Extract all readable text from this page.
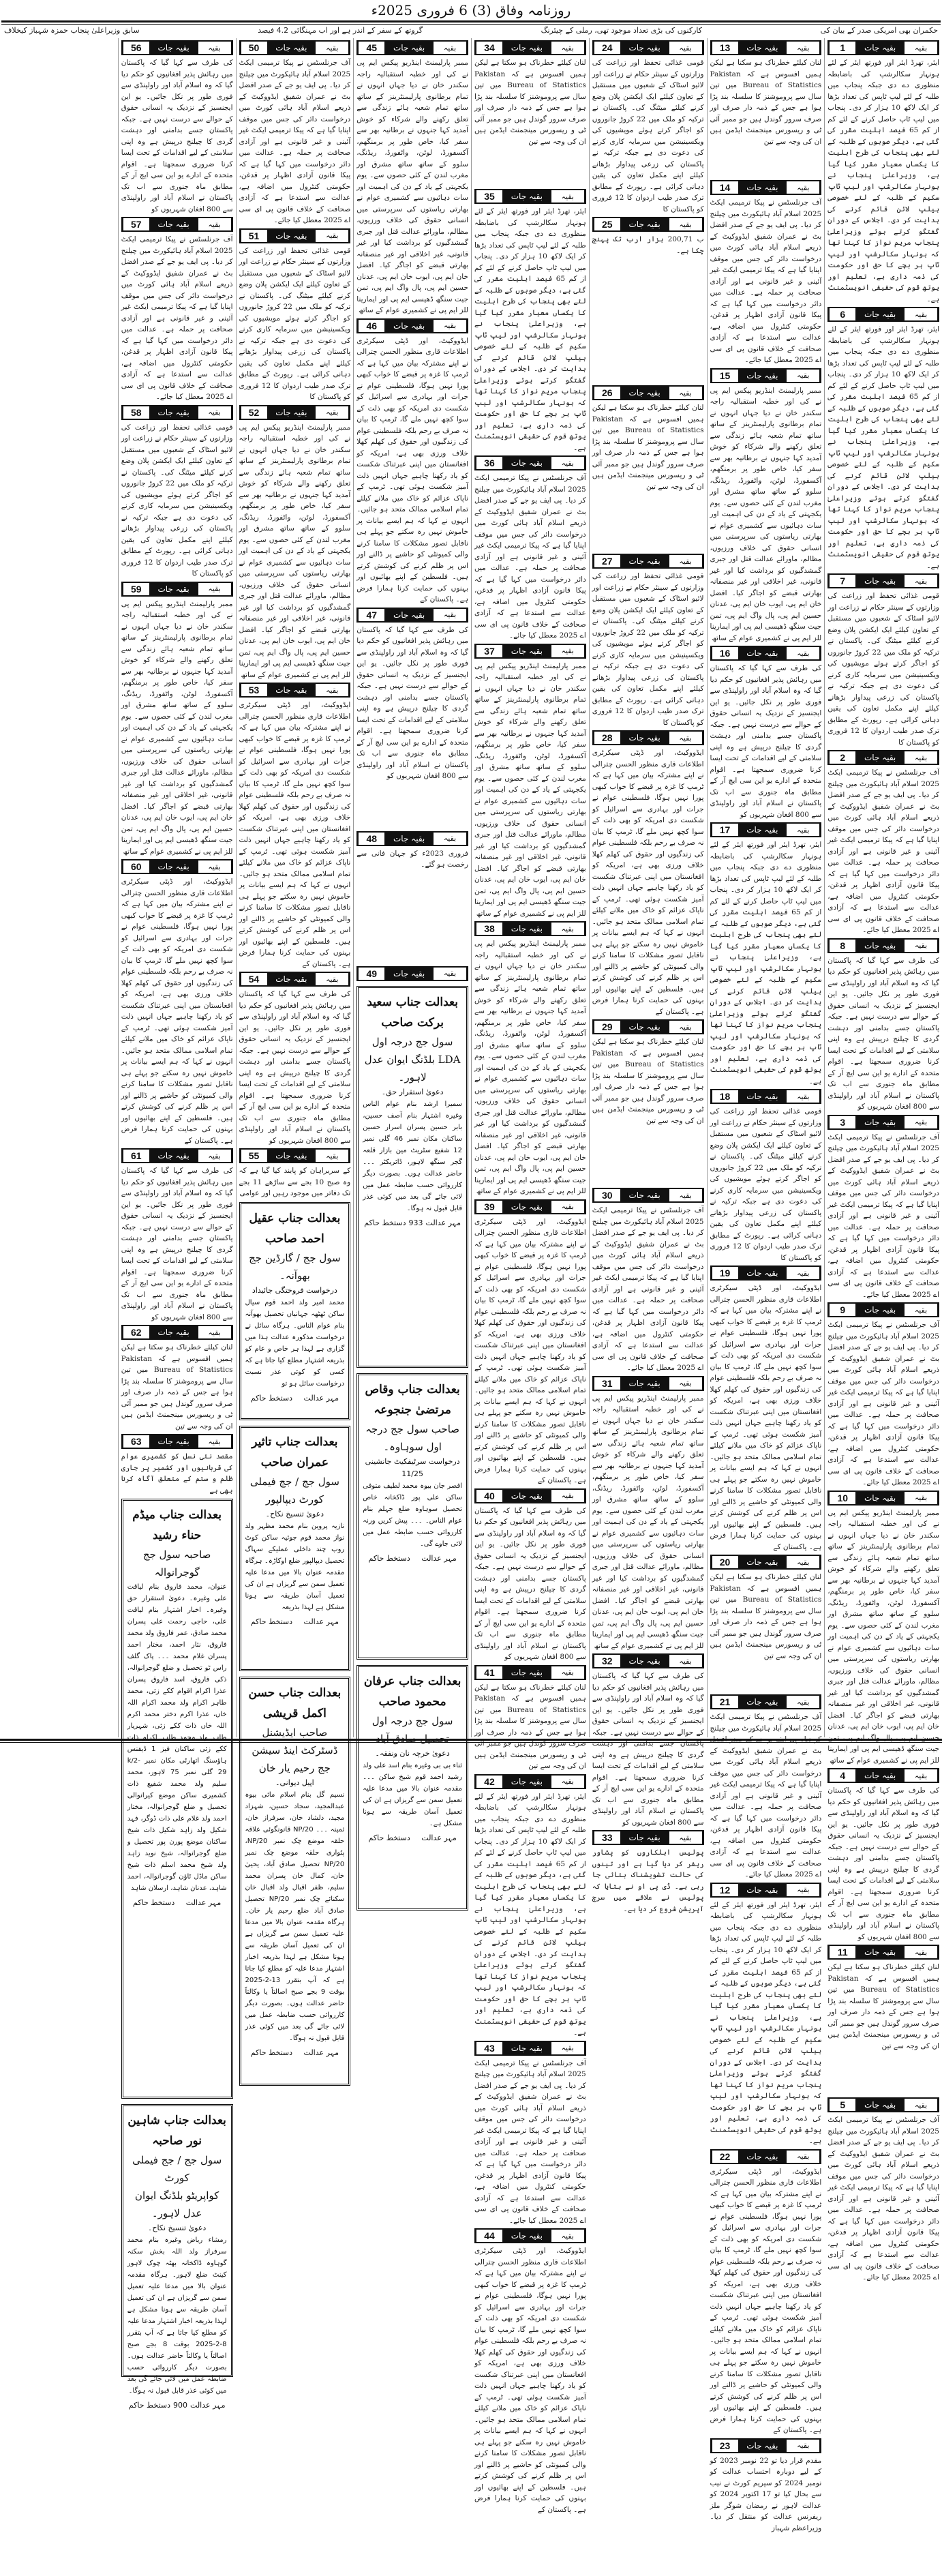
روزنامہ وفاق (3) 6 فروری 2025ء
سابق وزیراعلیٰ پنجاب حمزہ شہباز کیخلاف	گروتھ کے سفر کے اندر ہے اور اب مہنگائی 4.2 فیصد	کارکنوں کی بڑی تعداد موجود تھی، رملی کے چیئرنگ	حکمران بھی امریکی صدر کے بیان کی
1	بقیہ جات	بقیہ
ایئر، تھرڈ ایئر اور فورتھ ایئر کے لئے ہونہار سکالرشپ کی باضابطہ منظوری دے دی جبکہ پنجاب میں طلبہ کے لئے لیپ ٹاپس کی تعداد بڑھا کر ایک لاکھ 10 ہزار کر دی۔ پنجاب میں لیپ ٹاپ حاصل کرنے کے لئے کم از کم 65 فیصد اہلیت مقرر کی گئی ہے، دیگر صوبوں کے طلبہ کے لئے بھی پنجاب کی طرح اہلیت کا یکساں معیار مقرر کیا گیا ہے، وزیراعلیٰ پنجاب نے ہونہار سکالرشپ اور لیپ ٹاپ سکیم کے طلبہ کے لئے خصوصی ہیلپ لائن قائم کرنے کی ہدایت کر دی۔ اجلاس کے دوران گفتگو کرتے ہوئے وزیراعلیٰ پنجاب مریم نواز کا کہنا تھا کہ ہونہار سکالرشپ اور لیپ ٹاپ ہر بچے کا حق اور حکومت کی ذمہ داری ہے، تعلیم اور یوتھ قوم کی حقیقی انویسٹمنٹ ہے۔
6	بقیہ جات	بقیہ
ایئر، تھرڈ ایئر اور فورتھ ایئر کے لئے ہونہار سکالرشپ کی باضابطہ منظوری دے دی جبکہ پنجاب میں طلبہ کے لئے لیپ ٹاپس کی تعداد بڑھا کر ایک لاکھ 10 ہزار کر دی۔ پنجاب میں لیپ ٹاپ حاصل کرنے کے لئے کم از کم 65 فیصد اہلیت مقرر کی گئی ہے، دیگر صوبوں کے طلبہ کے لئے بھی پنجاب کی طرح اہلیت کا یکساں معیار مقرر کیا گیا ہے، وزیراعلیٰ پنجاب نے ہونہار سکالرشپ اور لیپ ٹاپ سکیم کے طلبہ کے لئے خصوصی ہیلپ لائن قائم کرنے کی ہدایت کر دی۔ اجلاس کے دوران گفتگو کرتے ہوئے وزیراعلیٰ پنجاب مریم نواز کا کہنا تھا کہ ہونہار سکالرشپ اور لیپ ٹاپ ہر بچے کا حق اور حکومت کی ذمہ داری ہے، تعلیم اور یوتھ قوم کی حقیقی انویسٹمنٹ ہے۔
7	بقیہ جات	بقیہ
قومی غذائی تحفظ اور زراعت کی وزارتوں کے سینئر حکام نے زراعت اور لائیو اسٹاک کے شعبوں میں مستقبل کے تعاون کیلئے ایک ایکشن پلان وضع کرنے کیلئے میٹنگ کی۔ پاکستان نے ترکیہ کو ملک میں 22 کروڑ جانوروں کو اجاگر کرتے ہوئے مویشیوں کی ویکسینیشن میں سرمایہ کاری کرنے کی دعوت دی ہے جبکہ ترکیہ نے پاکستان کی زرعی پیداوار بڑھانے کیلئے اپنے مکمل تعاون کی یقین دہانی کرائی ہے۔ رپورٹ کے مطابق ترک صدر طیب اردوان کا 12 فروری کو پاکستان کا
2	بقیہ جات	بقیہ
آف جرنلسٹس نے پیکا ترمیمی ایکٹ 2025 اسلام آباد ہائیکورٹ میں چیلنج کر دیا۔ پی ایف یو جے کے صدر افضل بٹ نے عمران شفیق ایڈووکیٹ کے ذریعے اسلام آباد ہائی کورٹ میں درخواست دائر کی جس میں موقف اپنایا گیا ہے کہ پیکا ترمیمی ایکٹ غیر آئینی و غیر قانونی ہے اور آزادی صحافت پر حملہ ہے۔ عدالت میں دائر درخواست میں کہا گیا ہے کہ پیکا قانون آزادی اظہار پر قدغن، حکومتی کنٹرول میں اضافہ ہے، عدالت سے استدعا ہے کہ آزادی صحافت کے خلاف قانون پی ای سی اے 2025 معطل کیا جائے۔
8	بقیہ جات	بقیہ
کی طرف سے کہا گیا کہ پاکستان میں رہائش پذیر افغانیوں کو حکم دیا گیا کہ وہ اسلام آباد اور راولپنڈی سے فوری طور پر نکل جائیں۔ یو این ایجنسیز کے نزدیک یہ انسانی حقوق کے حوالے سے درست نہیں ہے۔ جبکہ پاکستان جسے بدامنی اور دہشت گردی کا چیلنج درپیش ہے وہ اپنی سلامتی کے لیے اقدامات کے تحت ایسا کرنا ضروری سمجھتا ہے۔ اقوام متحدہ کے ادارے یو این سی ایچ آر کے مطابق ماہ جنوری سے اب تک پاکستان نے اسلام آباد اور راولپنڈی سے 800 افغان شہریوں کو
3	بقیہ جات	بقیہ
آف جرنلسٹس نے پیکا ترمیمی ایکٹ 2025 اسلام آباد ہائیکورٹ میں چیلنج کر دیا۔ پی ایف یو جے کے صدر افضل بٹ نے عمران شفیق ایڈووکیٹ کے ذریعے اسلام آباد ہائی کورٹ میں درخواست دائر کی جس میں موقف اپنایا گیا ہے کہ پیکا ترمیمی ایکٹ غیر آئینی و غیر قانونی ہے اور آزادی صحافت پر حملہ ہے۔ عدالت میں دائر درخواست میں کہا گیا ہے کہ پیکا قانون آزادی اظہار پر قدغن، حکومتی کنٹرول میں اضافہ ہے، عدالت سے استدعا ہے کہ آزادی صحافت کے خلاف قانون پی ای سی اے 2025 معطل کیا جائے۔
9	بقیہ جات	بقیہ
آف جرنلسٹس نے پیکا ترمیمی ایکٹ 2025 اسلام آباد ہائیکورٹ میں چیلنج کر دیا۔ پی ایف یو جے کے صدر افضل بٹ نے عمران شفیق ایڈووکیٹ کے ذریعے اسلام آباد ہائی کورٹ میں درخواست دائر کی جس میں موقف اپنایا گیا ہے کہ پیکا ترمیمی ایکٹ غیر آئینی و غیر قانونی ہے اور آزادی صحافت پر حملہ ہے۔ عدالت میں دائر درخواست میں کہا گیا ہے کہ پیکا قانون آزادی اظہار پر قدغن، حکومتی کنٹرول میں اضافہ ہے، عدالت سے استدعا ہے کہ آزادی صحافت کے خلاف قانون پی ای سی اے 2025 معطل کیا جائے۔
10	بقیہ جات	بقیہ
ممبر پارلیمنٹ اینڈریو پیکس ایم پی نے کی اور خطبہ استقبالیہ راجہ سکندر خان نے دیا جہاں انہوں نے تمام برطانوی پارلیمنٹرینز کے ساتھ ساتھ تمام شعبہ ہائے زندگی سے تعلق رکھنے والے شرکاء کو خوش آمدید کہا جنہوں نے برطانیہ بھر سے سفر کیا، خاص طور پر برمنگھم، آکسفورڈ، لوٹن، واٹفورڈ، ریڈنگ، سلوو کے ساتھ ساتھ مشرق اور مغرب لندن کے کئی حصوں سے۔ یوم یکجہتی کے یاد کے دن کی اہمیت اور سات دہائیوں سے کشمیری عوام نے بھارتی ریاستوں کی سرپرستی میں انسانی حقوق کی خلاف ورزیوں، مظالم، ماورائے عدالت قتل اور جبری گمشدگیوں کو برداشت کیا اور غیر قانونی، غیر اخلاقی اور غیر منصفانہ بھارتی قبضے کو اجاگر کیا۔ افضل خان ایم پی، ایوب خان ایم پی، عدنان حسین ایم پی، پال واگ ایم پی، تمن جیت سنگھ ڈھیسی ایم پی اور ایمارینا للز ایم پی نے کشمیری عوام کے ساتھ
4	بقیہ جات	بقیہ
کی طرف سے کہا گیا کہ پاکستان میں رہائش پذیر افغانیوں کو حکم دیا گیا کہ وہ اسلام آباد اور راولپنڈی سے فوری طور پر نکل جائیں۔ یو این ایجنسیز کے نزدیک یہ انسانی حقوق کے حوالے سے درست نہیں ہے۔ جبکہ پاکستان جسے بدامنی اور دہشت گردی کا چیلنج درپیش ہے وہ اپنی سلامتی کے لیے اقدامات کے تحت ایسا کرنا ضروری سمجھتا ہے۔ اقوام متحدہ کے ادارے یو این سی ایچ آر کے مطابق ماہ جنوری سے اب تک پاکستان نے اسلام آباد اور راولپنڈی سے 800 افغان شہریوں کو
11	بقیہ جات	بقیہ
لنان کیلئے خطرناک ہو سکتا ہے لیکن ہمیں افسوس ہے کہ Pakistan Bureau of Statistics میں تین سال سے پروموشنز کا سلسلہ بند پڑا ہوا ہے جس کے ذمہ دار صرف اور صرف سرور گوندل ہیں جو ممبر آئی ٹی و ریسورس مینجمنٹ ایڈمن ہیں ان کی وجہ سے تین
5	بقیہ جات	بقیہ
آف جرنلسٹس نے پیکا ترمیمی ایکٹ 2025 اسلام آباد ہائیکورٹ میں چیلنج کر دیا۔ پی ایف یو جے کے صدر افضل بٹ نے عمران شفیق ایڈووکیٹ کے ذریعے اسلام آباد ہائی کورٹ میں درخواست دائر کی جس میں موقف اپنایا گیا ہے کہ پیکا ترمیمی ایکٹ غیر آئینی و غیر قانونی ہے اور آزادی صحافت پر حملہ ہے۔ عدالت میں دائر درخواست میں کہا گیا ہے کہ پیکا قانون آزادی اظہار پر قدغن، حکومتی کنٹرول میں اضافہ ہے، عدالت سے استدعا ہے کہ آزادی صحافت کے خلاف قانون پی ای سی اے 2025 معطل کیا جائے۔
13	بقیہ جات	بقیہ
لنان کیلئے خطرناک ہو سکتا ہے لیکن ہمیں افسوس ہے کہ Pakistan Bureau of Statistics میں تین سال سے پروموشنز کا سلسلہ بند پڑا ہوا ہے جس کے ذمہ دار صرف اور صرف سرور گوندل ہیں جو ممبر آئی ٹی و ریسورس مینجمنٹ ایڈمن ہیں ان کی وجہ سے تین
14	بقیہ جات	بقیہ
آف جرنلسٹس نے پیکا ترمیمی ایکٹ 2025 اسلام آباد ہائیکورٹ میں چیلنج کر دیا۔ پی ایف یو جے کے صدر افضل بٹ نے عمران شفیق ایڈووکیٹ کے ذریعے اسلام آباد ہائی کورٹ میں درخواست دائر کی جس میں موقف اپنایا گیا ہے کہ پیکا ترمیمی ایکٹ غیر آئینی و غیر قانونی ہے اور آزادی صحافت پر حملہ ہے۔ عدالت میں دائر درخواست میں کہا گیا ہے کہ پیکا قانون آزادی اظہار پر قدغن، حکومتی کنٹرول میں اضافہ ہے، عدالت سے استدعا ہے کہ آزادی صحافت کے خلاف قانون پی ای سی اے 2025 معطل کیا جائے۔
15	بقیہ جات	بقیہ
ممبر پارلیمنٹ اینڈریو پیکس ایم پی نے کی اور خطبہ استقبالیہ راجہ سکندر خان نے دیا جہاں انہوں نے تمام برطانوی پارلیمنٹرینز کے ساتھ ساتھ تمام شعبہ ہائے زندگی سے تعلق رکھنے والے شرکاء کو خوش آمدید کہا جنہوں نے برطانیہ بھر سے سفر کیا، خاص طور پر برمنگھم، آکسفورڈ، لوٹن، واٹفورڈ، ریڈنگ، سلوو کے ساتھ ساتھ مشرق اور مغرب لندن کے کئی حصوں سے۔ یوم یکجہتی کے یاد کے دن کی اہمیت اور سات دہائیوں سے کشمیری عوام نے بھارتی ریاستوں کی سرپرستی میں انسانی حقوق کی خلاف ورزیوں، مظالم، ماورائے عدالت قتل اور جبری گمشدگیوں کو برداشت کیا اور غیر قانونی، غیر اخلاقی اور غیر منصفانہ بھارتی قبضے کو اجاگر کیا۔ افضل خان ایم پی، ایوب خان ایم پی، عدنان حسین ایم پی، پال واگ ایم پی، تمن جیت سنگھ ڈھیسی ایم پی اور ایمارینا للز ایم پی نے کشمیری عوام کے ساتھ
16	بقیہ جات	بقیہ
کی طرف سے کہا گیا کہ پاکستان میں رہائش پذیر افغانیوں کو حکم دیا گیا کہ وہ اسلام آباد اور راولپنڈی سے فوری طور پر نکل جائیں۔ یو این ایجنسیز کے نزدیک یہ انسانی حقوق کے حوالے سے درست نہیں ہے۔ جبکہ پاکستان جسے بدامنی اور دہشت گردی کا چیلنج درپیش ہے وہ اپنی سلامتی کے لیے اقدامات کے تحت ایسا کرنا ضروری سمجھتا ہے۔ اقوام متحدہ کے ادارے یو این سی ایچ آر کے مطابق ماہ جنوری سے اب تک پاکستان نے اسلام آباد اور راولپنڈی سے 800 افغان شہریوں کو
17	بقیہ جات	بقیہ
ایئر، تھرڈ ایئر اور فورتھ ایئر کے لئے ہونہار سکالرشپ کی باضابطہ منظوری دے دی جبکہ پنجاب میں طلبہ کے لئے لیپ ٹاپس کی تعداد بڑھا کر ایک لاکھ 10 ہزار کر دی۔ پنجاب میں لیپ ٹاپ حاصل کرنے کے لئے کم از کم 65 فیصد اہلیت مقرر کی گئی ہے، دیگر صوبوں کے طلبہ کے لئے بھی پنجاب کی طرح اہلیت کا یکساں معیار مقرر کیا گیا ہے، وزیراعلیٰ پنجاب نے ہونہار سکالرشپ اور لیپ ٹاپ سکیم کے طلبہ کے لئے خصوصی ہیلپ لائن قائم کرنے کی ہدایت کر دی۔ اجلاس کے دوران گفتگو کرتے ہوئے وزیراعلیٰ پنجاب مریم نواز کا کہنا تھا کہ ہونہار سکالرشپ اور لیپ ٹاپ ہر بچے کا حق اور حکومت کی ذمہ داری ہے، تعلیم اور یوتھ قوم کی حقیقی انویسٹمنٹ ہے۔
18	بقیہ جات	بقیہ
قومی غذائی تحفظ اور زراعت کی وزارتوں کے سینئر حکام نے زراعت اور لائیو اسٹاک کے شعبوں میں مستقبل کے تعاون کیلئے ایک ایکشن پلان وضع کرنے کیلئے میٹنگ کی۔ پاکستان نے ترکیہ کو ملک میں 22 کروڑ جانوروں کو اجاگر کرتے ہوئے مویشیوں کی ویکسینیشن میں سرمایہ کاری کرنے کی دعوت دی ہے جبکہ ترکیہ نے پاکستان کی زرعی پیداوار بڑھانے کیلئے اپنے مکمل تعاون کی یقین دہانی کرائی ہے۔ رپورٹ کے مطابق ترک صدر طیب اردوان کا 12 فروری کو پاکستان کا
19	بقیہ جات	بقیہ
ایڈووکیٹ، اور ڈپٹی سیکرٹری اطلاعات قاری منظور الحسن چترالی نے اپنے مشترکہ بیان میں کہا ہے کہ ٹرمپ کا غزہ پر قبضے کا خواب کبھی پورا نہیں ہوگا، فلسطینی عوام نے جرات اور بہادری سے اسرائیل کو شکست دی امریکہ کو بھی ذلت کے سوا کچھ نہیں ملے گا، ٹرمپ کا بیان نہ صرف بے رحم بلکہ فلسطینی عوام کی زندگیوں اور حقوق کی کھلم کھلا خلاف ورزی بھی ہے، امریکہ کو افغانستان میں اپنی عبرتناک شکست کو یاد رکھنا چاہیے جہاں انہیں ذلت آمیز شکست ہوئی تھی۔ ٹرمپ کے ناپاک عزائم کو خاک میں ملانے کیلئے تمام اسلامی ممالک متحد ہو جائیں۔ انہوں نے کہا کہ ہم ایسے بیانات پر خاموش نہیں رہ سکتے جو پہلے ہی ناقابل تصور مشکلات کا سامنا کرنے والی کمیونٹی کو حاشیے پر ڈالنے اور اس پر ظلم کرنے کی کوشش کرتے ہیں۔ فلسطین کے اپنے بھائیوں اور بہنوں کی حمایت کرنا ہمارا فرض ہے۔ پاکستان کے
20	بقیہ جات	بقیہ
لنان کیلئے خطرناک ہو سکتا ہے لیکن ہمیں افسوس ہے کہ Pakistan Bureau of Statistics میں تین سال سے پروموشنز کا سلسلہ بند پڑا ہوا ہے جس کے ذمہ دار صرف اور صرف سرور گوندل ہیں جو ممبر آئی ٹی و ریسورس مینجمنٹ ایڈمن ہیں ان کی وجہ سے تین
21	بقیہ جات	بقیہ
آف جرنلسٹس نے پیکا ترمیمی ایکٹ 2025 اسلام آباد ہائیکورٹ میں چیلنج کر دیا۔ پی ایف یو جے کے صدر افضل بٹ نے عمران شفیق ایڈووکیٹ کے ذریعے اسلام آباد ہائی کورٹ میں درخواست دائر کی جس میں موقف اپنایا گیا ہے کہ پیکا ترمیمی ایکٹ غیر آئینی و غیر قانونی ہے اور آزادی صحافت پر حملہ ہے۔ عدالت میں دائر درخواست میں کہا گیا ہے کہ پیکا قانون آزادی اظہار پر قدغن، حکومتی کنٹرول میں اضافہ ہے، عدالت سے استدعا ہے کہ آزادی صحافت کے خلاف قانون پی ای سی اے 2025 معطل کیا جائے۔
12	بقیہ جات	بقیہ
ایئر، تھرڈ ایئر اور فورتھ ایئر کے لئے ہونہار سکالرشپ کی باضابطہ منظوری دے دی جبکہ پنجاب میں طلبہ کے لئے لیپ ٹاپس کی تعداد بڑھا کر ایک لاکھ 10 ہزار کر دی۔ پنجاب میں لیپ ٹاپ حاصل کرنے کے لئے کم از کم 65 فیصد اہلیت مقرر کی گئی ہے، دیگر صوبوں کے طلبہ کے لئے بھی پنجاب کی طرح اہلیت کا یکساں معیار مقرر کیا گیا ہے، وزیراعلیٰ پنجاب نے ہونہار سکالرشپ اور لیپ ٹاپ سکیم کے طلبہ کے لئے خصوصی ہیلپ لائن قائم کرنے کی ہدایت کر دی۔ اجلاس کے دوران گفتگو کرتے ہوئے وزیراعلیٰ پنجاب مریم نواز کا کہنا تھا کہ ہونہار سکالرشپ اور لیپ ٹاپ ہر بچے کا حق اور حکومت کی ذمہ داری ہے، تعلیم اور یوتھ قوم کی حقیقی انویسٹمنٹ ہے۔
22	بقیہ جات	بقیہ
ایڈووکیٹ، اور ڈپٹی سیکرٹری اطلاعات قاری منظور الحسن چترالی نے اپنے مشترکہ بیان میں کہا ہے کہ ٹرمپ کا غزہ پر قبضے کا خواب کبھی پورا نہیں ہوگا، فلسطینی عوام نے جرات اور بہادری سے اسرائیل کو شکست دی امریکہ کو بھی ذلت کے سوا کچھ نہیں ملے گا، ٹرمپ کا بیان نہ صرف بے رحم بلکہ فلسطینی عوام کی زندگیوں اور حقوق کی کھلم کھلا خلاف ورزی بھی ہے، امریکہ کو افغانستان میں اپنی عبرتناک شکست کو یاد رکھنا چاہیے جہاں انہیں ذلت آمیز شکست ہوئی تھی۔ ٹرمپ کے ناپاک عزائم کو خاک میں ملانے کیلئے تمام اسلامی ممالک متحد ہو جائیں۔ انہوں نے کہا کہ ہم ایسے بیانات پر خاموش نہیں رہ سکتے جو پہلے ہی ناقابل تصور مشکلات کا سامنا کرنے والی کمیونٹی کو حاشیے پر ڈالنے اور اس پر ظلم کرنے کی کوشش کرتے ہیں۔ فلسطین کے اپنے بھائیوں اور بہنوں کی حمایت کرنا ہمارا فرض ہے۔ پاکستان کے
23	بقیہ جات	بقیہ
مقدم قرار دیا تو 22 نومبر 2023 کو کے لیے دوبارہ احتساب عدالت کو نومبر 2024 کو سپریم کورٹ نے نیب سے بحال کیا تو 17 اکتوبر 2024 کو عدالت لاہور نے رمضان شوگر ملز ریفرنس عدالت کو منتقل کر دیا۔ وزیراعظم شہباز
24	بقیہ جات	بقیہ
قومی غذائی تحفظ اور زراعت کی وزارتوں کے سینئر حکام نے زراعت اور لائیو اسٹاک کے شعبوں میں مستقبل کے تعاون کیلئے ایک ایکشن پلان وضع کرنے کیلئے میٹنگ کی۔ پاکستان نے ترکیہ کو ملک میں 22 کروڑ جانوروں کو اجاگر کرتے ہوئے مویشیوں کی ویکسینیشن میں سرمایہ کاری کرنے کی دعوت دی ہے جبکہ ترکیہ نے پاکستان کی زرعی پیداوار بڑھانے کیلئے اپنے مکمل تعاون کی یقین دہانی کرائی ہے۔ رپورٹ کے مطابق ترک صدر طیب اردوان کا 12 فروری کو پاکستان کا
25	بقیہ جات	بقیہ
ب 200,71 ہزار ارب تک پہنچ چکا ہے۔
26	بقیہ جات	بقیہ
لنان کیلئے خطرناک ہو سکتا ہے لیکن ہمیں افسوس ہے کہ Pakistan Bureau of Statistics میں تین سال سے پروموشنز کا سلسلہ بند پڑا ہوا ہے جس کے ذمہ دار صرف اور صرف سرور گوندل ہیں جو ممبر آئی ٹی و ریسورس مینجمنٹ ایڈمن ہیں ان کی وجہ سے تین
27	بقیہ جات	بقیہ
قومی غذائی تحفظ اور زراعت کی وزارتوں کے سینئر حکام نے زراعت اور لائیو اسٹاک کے شعبوں میں مستقبل کے تعاون کیلئے ایک ایکشن پلان وضع کرنے کیلئے میٹنگ کی۔ پاکستان نے ترکیہ کو ملک میں 22 کروڑ جانوروں کو اجاگر کرتے ہوئے مویشیوں کی ویکسینیشن میں سرمایہ کاری کرنے کی دعوت دی ہے جبکہ ترکیہ نے پاکستان کی زرعی پیداوار بڑھانے کیلئے اپنے مکمل تعاون کی یقین دہانی کرائی ہے۔ رپورٹ کے مطابق ترک صدر طیب اردوان کا 12 فروری کو پاکستان کا
28	بقیہ جات	بقیہ
ایڈووکیٹ، اور ڈپٹی سیکرٹری اطلاعات قاری منظور الحسن چترالی نے اپنے مشترکہ بیان میں کہا ہے کہ ٹرمپ کا غزہ پر قبضے کا خواب کبھی پورا نہیں ہوگا، فلسطینی عوام نے جرات اور بہادری سے اسرائیل کو شکست دی امریکہ کو بھی ذلت کے سوا کچھ نہیں ملے گا، ٹرمپ کا بیان نہ صرف بے رحم بلکہ فلسطینی عوام کی زندگیوں اور حقوق کی کھلم کھلا خلاف ورزی بھی ہے، امریکہ کو افغانستان میں اپنی عبرتناک شکست کو یاد رکھنا چاہیے جہاں انہیں ذلت آمیز شکست ہوئی تھی۔ ٹرمپ کے ناپاک عزائم کو خاک میں ملانے کیلئے تمام اسلامی ممالک متحد ہو جائیں۔ انہوں نے کہا کہ ہم ایسے بیانات پر خاموش نہیں رہ سکتے جو پہلے ہی ناقابل تصور مشکلات کا سامنا کرنے والی کمیونٹی کو حاشیے پر ڈالنے اور اس پر ظلم کرنے کی کوشش کرتے ہیں۔ فلسطین کے اپنے بھائیوں اور بہنوں کی حمایت کرنا ہمارا فرض ہے۔ پاکستان کے
29	بقیہ جات	بقیہ
لنان کیلئے خطرناک ہو سکتا ہے لیکن ہمیں افسوس ہے کہ Pakistan Bureau of Statistics میں تین سال سے پروموشنز کا سلسلہ بند پڑا ہوا ہے جس کے ذمہ دار صرف اور صرف سرور گوندل ہیں جو ممبر آئی ٹی و ریسورس مینجمنٹ ایڈمن ہیں ان کی وجہ سے تین
30	بقیہ جات	بقیہ
آف جرنلسٹس نے پیکا ترمیمی ایکٹ 2025 اسلام آباد ہائیکورٹ میں چیلنج کر دیا۔ پی ایف یو جے کے صدر افضل بٹ نے عمران شفیق ایڈووکیٹ کے ذریعے اسلام آباد ہائی کورٹ میں درخواست دائر کی جس میں موقف اپنایا گیا ہے کہ پیکا ترمیمی ایکٹ غیر آئینی و غیر قانونی ہے اور آزادی صحافت پر حملہ ہے۔ عدالت میں دائر درخواست میں کہا گیا ہے کہ پیکا قانون آزادی اظہار پر قدغن، حکومتی کنٹرول میں اضافہ ہے، عدالت سے استدعا ہے کہ آزادی صحافت کے خلاف قانون پی ای سی اے 2025 معطل کیا جائے۔
31	بقیہ جات	بقیہ
ممبر پارلیمنٹ اینڈریو پیکس ایم پی نے کی اور خطبہ استقبالیہ راجہ سکندر خان نے دیا جہاں انہوں نے تمام برطانوی پارلیمنٹرینز کے ساتھ ساتھ تمام شعبہ ہائے زندگی سے تعلق رکھنے والے شرکاء کو خوش آمدید کہا جنہوں نے برطانیہ بھر سے سفر کیا، خاص طور پر برمنگھم، آکسفورڈ، لوٹن، واٹفورڈ، ریڈنگ، سلوو کے ساتھ ساتھ مشرق اور مغرب لندن کے کئی حصوں سے۔ یوم یکجہتی کے یاد کے دن کی اہمیت اور سات دہائیوں سے کشمیری عوام نے بھارتی ریاستوں کی سرپرستی میں انسانی حقوق کی خلاف ورزیوں، مظالم، ماورائے عدالت قتل اور جبری گمشدگیوں کو برداشت کیا اور غیر قانونی، غیر اخلاقی اور غیر منصفانہ بھارتی قبضے کو اجاگر کیا۔ افضل خان ایم پی، ایوب خان ایم پی، عدنان حسین ایم پی، پال واگ ایم پی، تمن جیت سنگھ ڈھیسی ایم پی اور ایمارینا للز ایم پی نے کشمیری عوام کے ساتھ
32	بقیہ جات	بقیہ
کی طرف سے کہا گیا کہ پاکستان میں رہائش پذیر افغانیوں کو حکم دیا گیا کہ وہ اسلام آباد اور راولپنڈی سے فوری طور پر نکل جائیں۔ یو این ایجنسیز کے نزدیک یہ انسانی حقوق کے حوالے سے درست نہیں ہے۔ جبکہ پاکستان جسے بدامنی اور دہشت گردی کا چیلنج درپیش ہے وہ اپنی سلامتی کے لیے اقدامات کے تحت ایسا کرنا ضروری سمجھتا ہے۔ اقوام متحدہ کے ادارے یو این سی ایچ آر کے مطابق ماہ جنوری سے اب تک پاکستان نے اسلام آباد اور راولپنڈی سے 800 افغان شہریوں کو
33	بقیہ جات	بقیہ
پولیس اہلکاروں کو پشاور ریفر کر دیا گیا ہے اور تینوں کی حالت تشویشناک بتائی جا رہی ہے۔ ڈی پی او نے بتایا کہ پولیس نے علاقے میں سرچ آپریشن شروع کر دیا ہے۔
34	بقیہ جات	بقیہ
لنان کیلئے خطرناک ہو سکتا ہے لیکن ہمیں افسوس ہے کہ Pakistan Bureau of Statistics میں تین سال سے پروموشنز کا سلسلہ بند پڑا ہوا ہے جس کے ذمہ دار صرف اور صرف سرور گوندل ہیں جو ممبر آئی ٹی و ریسورس مینجمنٹ ایڈمن ہیں ان کی وجہ سے تین
35	بقیہ جات	بقیہ
ایئر، تھرڈ ایئر اور فورتھ ایئر کے لئے ہونہار سکالرشپ کی باضابطہ منظوری دے دی جبکہ پنجاب میں طلبہ کے لئے لیپ ٹاپس کی تعداد بڑھا کر ایک لاکھ 10 ہزار کر دی۔ پنجاب میں لیپ ٹاپ حاصل کرنے کے لئے کم از کم 65 فیصد اہلیت مقرر کی گئی ہے، دیگر صوبوں کے طلبہ کے لئے بھی پنجاب کی طرح اہلیت کا یکساں معیار مقرر کیا گیا ہے، وزیراعلیٰ پنجاب نے ہونہار سکالرشپ اور لیپ ٹاپ سکیم کے طلبہ کے لئے خصوصی ہیلپ لائن قائم کرنے کی ہدایت کر دی۔ اجلاس کے دوران گفتگو کرتے ہوئے وزیراعلیٰ پنجاب مریم نواز کا کہنا تھا کہ ہونہار سکالرشپ اور لیپ ٹاپ ہر بچے کا حق اور حکومت کی ذمہ داری ہے، تعلیم اور یوتھ قوم کی حقیقی انویسٹمنٹ ہے۔
36	بقیہ جات	بقیہ
آف جرنلسٹس نے پیکا ترمیمی ایکٹ 2025 اسلام آباد ہائیکورٹ میں چیلنج کر دیا۔ پی ایف یو جے کے صدر افضل بٹ نے عمران شفیق ایڈووکیٹ کے ذریعے اسلام آباد ہائی کورٹ میں درخواست دائر کی جس میں موقف اپنایا گیا ہے کہ پیکا ترمیمی ایکٹ غیر آئینی و غیر قانونی ہے اور آزادی صحافت پر حملہ ہے۔ عدالت میں دائر درخواست میں کہا گیا ہے کہ پیکا قانون آزادی اظہار پر قدغن، حکومتی کنٹرول میں اضافہ ہے، عدالت سے استدعا ہے کہ آزادی صحافت کے خلاف قانون پی ای سی اے 2025 معطل کیا جائے۔
37	بقیہ جات	بقیہ
ممبر پارلیمنٹ اینڈریو پیکس ایم پی نے کی اور خطبہ استقبالیہ راجہ سکندر خان نے دیا جہاں انہوں نے تمام برطانوی پارلیمنٹرینز کے ساتھ ساتھ تمام شعبہ ہائے زندگی سے تعلق رکھنے والے شرکاء کو خوش آمدید کہا جنہوں نے برطانیہ بھر سے سفر کیا، خاص طور پر برمنگھم، آکسفورڈ، لوٹن، واٹفورڈ، ریڈنگ، سلوو کے ساتھ ساتھ مشرق اور مغرب لندن کے کئی حصوں سے۔ یوم یکجہتی کے یاد کے دن کی اہمیت اور سات دہائیوں سے کشمیری عوام نے بھارتی ریاستوں کی سرپرستی میں انسانی حقوق کی خلاف ورزیوں، مظالم، ماورائے عدالت قتل اور جبری گمشدگیوں کو برداشت کیا اور غیر قانونی، غیر اخلاقی اور غیر منصفانہ بھارتی قبضے کو اجاگر کیا۔ افضل خان ایم پی، ایوب خان ایم پی، عدنان حسین ایم پی، پال واگ ایم پی، تمن جیت سنگھ ڈھیسی ایم پی اور ایمارینا للز ایم پی نے کشمیری عوام کے ساتھ
38	بقیہ جات	بقیہ
ممبر پارلیمنٹ اینڈریو پیکس ایم پی نے کی اور خطبہ استقبالیہ راجہ سکندر خان نے دیا جہاں انہوں نے تمام برطانوی پارلیمنٹرینز کے ساتھ ساتھ تمام شعبہ ہائے زندگی سے تعلق رکھنے والے شرکاء کو خوش آمدید کہا جنہوں نے برطانیہ بھر سے سفر کیا، خاص طور پر برمنگھم، آکسفورڈ، لوٹن، واٹفورڈ، ریڈنگ، سلوو کے ساتھ ساتھ مشرق اور مغرب لندن کے کئی حصوں سے۔ یوم یکجہتی کے یاد کے دن کی اہمیت اور سات دہائیوں سے کشمیری عوام نے بھارتی ریاستوں کی سرپرستی میں انسانی حقوق کی خلاف ورزیوں، مظالم، ماورائے عدالت قتل اور جبری گمشدگیوں کو برداشت کیا اور غیر قانونی، غیر اخلاقی اور غیر منصفانہ بھارتی قبضے کو اجاگر کیا۔ افضل خان ایم پی، ایوب خان ایم پی، عدنان حسین ایم پی، پال واگ ایم پی، تمن جیت سنگھ ڈھیسی ایم پی اور ایمارینا للز ایم پی نے کشمیری عوام کے ساتھ
39	بقیہ جات	بقیہ
ایڈووکیٹ، اور ڈپٹی سیکرٹری اطلاعات قاری منظور الحسن چترالی نے اپنے مشترکہ بیان میں کہا ہے کہ ٹرمپ کا غزہ پر قبضے کا خواب کبھی پورا نہیں ہوگا، فلسطینی عوام نے جرات اور بہادری سے اسرائیل کو شکست دی امریکہ کو بھی ذلت کے سوا کچھ نہیں ملے گا، ٹرمپ کا بیان نہ صرف بے رحم بلکہ فلسطینی عوام کی زندگیوں اور حقوق کی کھلم کھلا خلاف ورزی بھی ہے، امریکہ کو افغانستان میں اپنی عبرتناک شکست کو یاد رکھنا چاہیے جہاں انہیں ذلت آمیز شکست ہوئی تھی۔ ٹرمپ کے ناپاک عزائم کو خاک میں ملانے کیلئے تمام اسلامی ممالک متحد ہو جائیں۔ انہوں نے کہا کہ ہم ایسے بیانات پر خاموش نہیں رہ سکتے جو پہلے ہی ناقابل تصور مشکلات کا سامنا کرنے والی کمیونٹی کو حاشیے پر ڈالنے اور اس پر ظلم کرنے کی کوشش کرتے ہیں۔ فلسطین کے اپنے بھائیوں اور بہنوں کی حمایت کرنا ہمارا فرض ہے۔ پاکستان کے
40	بقیہ جات	بقیہ
کی طرف سے کہا گیا کہ پاکستان میں رہائش پذیر افغانیوں کو حکم دیا گیا کہ وہ اسلام آباد اور راولپنڈی سے فوری طور پر نکل جائیں۔ یو این ایجنسیز کے نزدیک یہ انسانی حقوق کے حوالے سے درست نہیں ہے۔ جبکہ پاکستان جسے بدامنی اور دہشت گردی کا چیلنج درپیش ہے وہ اپنی سلامتی کے لیے اقدامات کے تحت ایسا کرنا ضروری سمجھتا ہے۔ اقوام متحدہ کے ادارے یو این سی ایچ آر کے مطابق ماہ جنوری سے اب تک پاکستان نے اسلام آباد اور راولپنڈی سے 800 افغان شہریوں کو
41	بقیہ جات	بقیہ
لنان کیلئے خطرناک ہو سکتا ہے لیکن ہمیں افسوس ہے کہ Pakistan Bureau of Statistics میں تین سال سے پروموشنز کا سلسلہ بند پڑا ہوا ہے جس کے ذمہ دار صرف اور صرف سرور گوندل ہیں جو ممبر آئی ٹی و ریسورس مینجمنٹ ایڈمن ہیں ان کی وجہ سے تین
42	بقیہ جات	بقیہ
ایئر، تھرڈ ایئر اور فورتھ ایئر کے لئے ہونہار سکالرشپ کی باضابطہ منظوری دے دی جبکہ پنجاب میں طلبہ کے لئے لیپ ٹاپس کی تعداد بڑھا کر ایک لاکھ 10 ہزار کر دی۔ پنجاب میں لیپ ٹاپ حاصل کرنے کے لئے کم از کم 65 فیصد اہلیت مقرر کی گئی ہے، دیگر صوبوں کے طلبہ کے لئے بھی پنجاب کی طرح اہلیت کا یکساں معیار مقرر کیا گیا ہے، وزیراعلیٰ پنجاب نے ہونہار سکالرشپ اور لیپ ٹاپ سکیم کے طلبہ کے لئے خصوصی ہیلپ لائن قائم کرنے کی ہدایت کر دی۔ اجلاس کے دوران گفتگو کرتے ہوئے وزیراعلیٰ پنجاب مریم نواز کا کہنا تھا کہ ہونہار سکالرشپ اور لیپ ٹاپ ہر بچے کا حق اور حکومت کی ذمہ داری ہے، تعلیم اور یوتھ قوم کی حقیقی انویسٹمنٹ ہے۔
43	بقیہ جات	بقیہ
آف جرنلسٹس نے پیکا ترمیمی ایکٹ 2025 اسلام آباد ہائیکورٹ میں چیلنج کر دیا۔ پی ایف یو جے کے صدر افضل بٹ نے عمران شفیق ایڈووکیٹ کے ذریعے اسلام آباد ہائی کورٹ میں درخواست دائر کی جس میں موقف اپنایا گیا ہے کہ پیکا ترمیمی ایکٹ غیر آئینی و غیر قانونی ہے اور آزادی صحافت پر حملہ ہے۔ عدالت میں دائر درخواست میں کہا گیا ہے کہ پیکا قانون آزادی اظہار پر قدغن، حکومتی کنٹرول میں اضافہ ہے، عدالت سے استدعا ہے کہ آزادی صحافت کے خلاف قانون پی ای سی اے 2025 معطل کیا جائے۔
44	بقیہ جات	بقیہ
ایڈووکیٹ، اور ڈپٹی سیکرٹری اطلاعات قاری منظور الحسن چترالی نے اپنے مشترکہ بیان میں کہا ہے کہ ٹرمپ کا غزہ پر قبضے کا خواب کبھی پورا نہیں ہوگا، فلسطینی عوام نے جرات اور بہادری سے اسرائیل کو شکست دی امریکہ کو بھی ذلت کے سوا کچھ نہیں ملے گا، ٹرمپ کا بیان نہ صرف بے رحم بلکہ فلسطینی عوام کی زندگیوں اور حقوق کی کھلم کھلا خلاف ورزی بھی ہے، امریکہ کو افغانستان میں اپنی عبرتناک شکست کو یاد رکھنا چاہیے جہاں انہیں ذلت آمیز شکست ہوئی تھی۔ ٹرمپ کے ناپاک عزائم کو خاک میں ملانے کیلئے تمام اسلامی ممالک متحد ہو جائیں۔ انہوں نے کہا کہ ہم ایسے بیانات پر خاموش نہیں رہ سکتے جو پہلے ہی ناقابل تصور مشکلات کا سامنا کرنے والی کمیونٹی کو حاشیے پر ڈالنے اور اس پر ظلم کرنے کی کوشش کرتے ہیں۔ فلسطین کے اپنے بھائیوں اور بہنوں کی حمایت کرنا ہمارا فرض ہے۔ پاکستان کے
45	بقیہ جات	بقیہ
ممبر پارلیمنٹ اینڈریو پیکس ایم پی نے کی اور خطبہ استقبالیہ راجہ سکندر خان نے دیا جہاں انہوں نے تمام برطانوی پارلیمنٹرینز کے ساتھ ساتھ تمام شعبہ ہائے زندگی سے تعلق رکھنے والے شرکاء کو خوش آمدید کہا جنہوں نے برطانیہ بھر سے سفر کیا، خاص طور پر برمنگھم، آکسفورڈ، لوٹن، واٹفورڈ، ریڈنگ، سلوو کے ساتھ ساتھ مشرق اور مغرب لندن کے کئی حصوں سے۔ یوم یکجہتی کے یاد کے دن کی اہمیت اور سات دہائیوں سے کشمیری عوام نے بھارتی ریاستوں کی سرپرستی میں انسانی حقوق کی خلاف ورزیوں، مظالم، ماورائے عدالت قتل اور جبری گمشدگیوں کو برداشت کیا اور غیر قانونی، غیر اخلاقی اور غیر منصفانہ بھارتی قبضے کو اجاگر کیا۔ افضل خان ایم پی، ایوب خان ایم پی، عدنان حسین ایم پی، پال واگ ایم پی، تمن جیت سنگھ ڈھیسی ایم پی اور ایمارینا للز ایم پی نے کشمیری عوام کے ساتھ
46	بقیہ جات	بقیہ
ایڈووکیٹ، اور ڈپٹی سیکرٹری اطلاعات قاری منظور الحسن چترالی نے اپنے مشترکہ بیان میں کہا ہے کہ ٹرمپ کا غزہ پر قبضے کا خواب کبھی پورا نہیں ہوگا، فلسطینی عوام نے جرات اور بہادری سے اسرائیل کو شکست دی امریکہ کو بھی ذلت کے سوا کچھ نہیں ملے گا، ٹرمپ کا بیان نہ صرف بے رحم بلکہ فلسطینی عوام کی زندگیوں اور حقوق کی کھلم کھلا خلاف ورزی بھی ہے، امریکہ کو افغانستان میں اپنی عبرتناک شکست کو یاد رکھنا چاہیے جہاں انہیں ذلت آمیز شکست ہوئی تھی۔ ٹرمپ کے ناپاک عزائم کو خاک میں ملانے کیلئے تمام اسلامی ممالک متحد ہو جائیں۔ انہوں نے کہا کہ ہم ایسے بیانات پر خاموش نہیں رہ سکتے جو پہلے ہی ناقابل تصور مشکلات کا سامنا کرنے والی کمیونٹی کو حاشیے پر ڈالنے اور اس پر ظلم کرنے کی کوشش کرتے ہیں۔ فلسطین کے اپنے بھائیوں اور بہنوں کی حمایت کرنا ہمارا فرض ہے۔ پاکستان کے
47	بقیہ جات	بقیہ
کی طرف سے کہا گیا کہ پاکستان میں رہائش پذیر افغانیوں کو حکم دیا گیا کہ وہ اسلام آباد اور راولپنڈی سے فوری طور پر نکل جائیں۔ یو این ایجنسیز کے نزدیک یہ انسانی حقوق کے حوالے سے درست نہیں ہے۔ جبکہ پاکستان جسے بدامنی اور دہشت گردی کا چیلنج درپیش ہے وہ اپنی سلامتی کے لیے اقدامات کے تحت ایسا کرنا ضروری سمجھتا ہے۔ اقوام متحدہ کے ادارے یو این سی ایچ آر کے مطابق ماہ جنوری سے اب تک پاکستان نے اسلام آباد اور راولپنڈی سے 800 افغان شہریوں کو
48	بقیہ جات	بقیہ
فروری 2023ء کو جہان فانی سے رخصت ہو گئے۔
49	بقیہ جات	بقیہ
بعدالت جناب سعید برکت صاحب
سول جج درجہ اول
LDA بلڈنگ ایوان عدل لاہور۔
دعویٰ استقرار حق۔
سمیرا ارشد بنام عوام الناس وغیرہ اشتہار بنام آصف حسین، بابر حسین پسران اسرار حسین ساکنان مکان نمبر 46 گلی نمبر 12 شفیع سٹریٹ مین بازار قلعہ گجر سنگھ لاہور، ڈائریکٹر ۔۔۔ حاضر عدالت ہوں۔ بصورت دیگر کارروائی حسب ضابطہ عمل میں لائی جائے گی بعد میں کوئی عذر قابل قبول نہ ہوگا۔
مہر عدالت
933
دستخط حاکم
بعدالت جناب وقاص مرتضیٰ جنجوعہ
صاحب سول جج درجہ اول سوہاوہ۔
درخواست سرٹیفکیٹ جانشینی 11/25
افصر جان بیوہ محمد لطیف متوفی ساکن علی پور ڈاکخانہ خاص تحصیل سوہاوہ ضلع جہلم بنام عوام الناس۔ ۔۔۔ پیش کریں ورنہ کارروائی حسب ضابطہ عمل میں لائی جاوے گی۔
مہر عدالت
دستخط حاکم
بعدالت جناب عرفان محمود صاحب
سول جج درجہ اول تحصیل صادق آباد
دعویٰ خرچہ نان ونفقہ۔
ثناء بی بی وغیرہ بنام اسد علی ولد رشید احمد قوم شیخ ساکن ۔۔۔ مقدمہ عنوان بالا میں مدعا علیہ تعمیل سمن سے گریزاں ہے ان کی تعمیل آسان طریقہ سے ہونا مشکل ہے۔
مہر عدالت
دستخط حاکم
50	بقیہ جات	بقیہ
آف جرنلسٹس نے پیکا ترمیمی ایکٹ 2025 اسلام آباد ہائیکورٹ میں چیلنج کر دیا۔ پی ایف یو جے کے صدر افضل بٹ نے عمران شفیق ایڈووکیٹ کے ذریعے اسلام آباد ہائی کورٹ میں درخواست دائر کی جس میں موقف اپنایا گیا ہے کہ پیکا ترمیمی ایکٹ غیر آئینی و غیر قانونی ہے اور آزادی صحافت پر حملہ ہے۔ عدالت میں دائر درخواست میں کہا گیا ہے کہ پیکا قانون آزادی اظہار پر قدغن، حکومتی کنٹرول میں اضافہ ہے، عدالت سے استدعا ہے کہ آزادی صحافت کے خلاف قانون پی ای سی اے 2025 معطل کیا جائے۔
51	بقیہ جات	بقیہ
قومی غذائی تحفظ اور زراعت کی وزارتوں کے سینئر حکام نے زراعت اور لائیو اسٹاک کے شعبوں میں مستقبل کے تعاون کیلئے ایک ایکشن پلان وضع کرنے کیلئے میٹنگ کی۔ پاکستان نے ترکیہ کو ملک میں 22 کروڑ جانوروں کو اجاگر کرتے ہوئے مویشیوں کی ویکسینیشن میں سرمایہ کاری کرنے کی دعوت دی ہے جبکہ ترکیہ نے پاکستان کی زرعی پیداوار بڑھانے کیلئے اپنے مکمل تعاون کی یقین دہانی کرائی ہے۔ رپورٹ کے مطابق ترک صدر طیب اردوان کا 12 فروری کو پاکستان کا
52	بقیہ جات	بقیہ
ممبر پارلیمنٹ اینڈریو پیکس ایم پی نے کی اور خطبہ استقبالیہ راجہ سکندر خان نے دیا جہاں انہوں نے تمام برطانوی پارلیمنٹرینز کے ساتھ ساتھ تمام شعبہ ہائے زندگی سے تعلق رکھنے والے شرکاء کو خوش آمدید کہا جنہوں نے برطانیہ بھر سے سفر کیا، خاص طور پر برمنگھم، آکسفورڈ، لوٹن، واٹفورڈ، ریڈنگ، سلوو کے ساتھ ساتھ مشرق اور مغرب لندن کے کئی حصوں سے۔ یوم یکجہتی کے یاد کے دن کی اہمیت اور سات دہائیوں سے کشمیری عوام نے بھارتی ریاستوں کی سرپرستی میں انسانی حقوق کی خلاف ورزیوں، مظالم، ماورائے عدالت قتل اور جبری گمشدگیوں کو برداشت کیا اور غیر قانونی، غیر اخلاقی اور غیر منصفانہ بھارتی قبضے کو اجاگر کیا۔ افضل خان ایم پی، ایوب خان ایم پی، عدنان حسین ایم پی، پال واگ ایم پی، تمن جیت سنگھ ڈھیسی ایم پی اور ایمارینا للز ایم پی نے کشمیری عوام کے ساتھ
53	بقیہ جات	بقیہ
ایڈووکیٹ، اور ڈپٹی سیکرٹری اطلاعات قاری منظور الحسن چترالی نے اپنے مشترکہ بیان میں کہا ہے کہ ٹرمپ کا غزہ پر قبضے کا خواب کبھی پورا نہیں ہوگا، فلسطینی عوام نے جرات اور بہادری سے اسرائیل کو شکست دی امریکہ کو بھی ذلت کے سوا کچھ نہیں ملے گا، ٹرمپ کا بیان نہ صرف بے رحم بلکہ فلسطینی عوام کی زندگیوں اور حقوق کی کھلم کھلا خلاف ورزی بھی ہے، امریکہ کو افغانستان میں اپنی عبرتناک شکست کو یاد رکھنا چاہیے جہاں انہیں ذلت آمیز شکست ہوئی تھی۔ ٹرمپ کے ناپاک عزائم کو خاک میں ملانے کیلئے تمام اسلامی ممالک متحد ہو جائیں۔ انہوں نے کہا کہ ہم ایسے بیانات پر خاموش نہیں رہ سکتے جو پہلے ہی ناقابل تصور مشکلات کا سامنا کرنے والی کمیونٹی کو حاشیے پر ڈالنے اور اس پر ظلم کرنے کی کوشش کرتے ہیں۔ فلسطین کے اپنے بھائیوں اور بہنوں کی حمایت کرنا ہمارا فرض ہے۔ پاکستان کے
54	بقیہ جات	بقیہ
کی طرف سے کہا گیا کہ پاکستان میں رہائش پذیر افغانیوں کو حکم دیا گیا کہ وہ اسلام آباد اور راولپنڈی سے فوری طور پر نکل جائیں۔ یو این ایجنسیز کے نزدیک یہ انسانی حقوق کے حوالے سے درست نہیں ہے۔ جبکہ پاکستان جسے بدامنی اور دہشت گردی کا چیلنج درپیش ہے وہ اپنی سلامتی کے لیے اقدامات کے تحت ایسا کرنا ضروری سمجھتا ہے۔ اقوام متحدہ کے ادارے یو این سی ایچ آر کے مطابق ماہ جنوری سے اب تک پاکستان نے اسلام آباد اور راولپنڈی سے 800 افغان شہریوں کو
55	بقیہ جات	بقیہ
کے سربراہان کو پابند کیا گیا ہے کہ وہ صبح 10 بجے سے ساڑھے 11 بجے تک دفاتر میں موجود رہیں اور عوامی
بعدالت جناب عقیل احمد صاحب
سول جج / گارڈین جج بھوآنہ۔
درخواست فروختگی جائیداد
محمد امیر ولد احمد قوم سیال ساکن ٹھٹھہ جہانیاں تحصیل بھوآنہ بنام عوام الناس۔ ہرگاہ سائل نے درخواست مذکورہ عدالت ہذا میں گزاری ہے لہذا ہر خاص و عام کو بذریعہ اشتہار مطلع کیا جاتا ہے کہ کسی کو کوئی عذر نسبت درخواست سائل ہو تو
مہر عدالت
دستخط حاکم
بعدالت جناب تاثیر عمران صاحب
سول جج / جج فیملی کورٹ دیپالپور
دعویٰ تنسیخ نکاح۔
نازیہ پروین بنام محمد مظہر ولد نواز محمد قوم جوئیہ ساکن کوٹ روپ چند داخلی عملیکے سہاگ تحصیل دیپالپور ضلع اوکاڑہ۔ ہرگاہ مقدمہ عنوان بالا میں مدعا علیہ تعمیل سمن سے گریزاں ہے ان کی تعمیل آسان طریقہ سے ہونا مشکل ہے لہذا بذریعہ
مہر عدالت
دستخط حاکم
بعدالت جناب حسن اکمل قریشی
صاحب ایڈیشنل ڈسٹرکٹ اینڈ سیشن
جج رحیم یار خان
اپیل دیوانی۔
نسیم گل بنام اسلام مائی بیوہ عبدالمجید، سجاد حسین، شہزاد مجید، دلشاد خان، سرفراز خان، ثمینہ ۔۔۔ 20/NP قانونگوئی علاقہ حلقہ موضع چک نمبر 20/NP، پٹواری حلقہ موضع چک نمبر 20/NP تحصیل صادق آباد، یحییٰ خان، کمال خان پسران محمد سلیم، ظفر اقبال ولد اقبال خان سکنائے چک نمبر 20/NP تحصیل صادق آباد ضلع رحیم یار خان۔ ہرگاہ مقدمہ عنوان بالا میں مدعا علیہ تعمیل سمن سے گریزاں ہے ان کی تعمیل آسان طریقہ سے ہونا مشکل ہے لہذا بذریعہ اخبار اشتہار مدعا علیہ کو مطلع کیا جاتا ہے کہ آپ بتقرر 13-2-2025 بوقت 9 بجے صبح اصالتاً یا وکالتاً حاضر عدالت ہوں۔ بصورت دیگر کارروائی حسب ضابطہ عمل میں لائی جائے گی بعد میں کوئی عذر قابل قبول نہ ہوگا۔
مہر عدالت
دستخط حاکم
56	بقیہ جات	بقیہ
کی طرف سے کہا گیا کہ پاکستان میں رہائش پذیر افغانیوں کو حکم دیا گیا کہ وہ اسلام آباد اور راولپنڈی سے فوری طور پر نکل جائیں۔ یو این ایجنسیز کے نزدیک یہ انسانی حقوق کے حوالے سے درست نہیں ہے۔ جبکہ پاکستان جسے بدامنی اور دہشت گردی کا چیلنج درپیش ہے وہ اپنی سلامتی کے لیے اقدامات کے تحت ایسا کرنا ضروری سمجھتا ہے۔ اقوام متحدہ کے ادارے یو این سی ایچ آر کے مطابق ماہ جنوری سے اب تک پاکستان نے اسلام آباد اور راولپنڈی سے 800 افغان شہریوں کو
57	بقیہ جات	بقیہ
آف جرنلسٹس نے پیکا ترمیمی ایکٹ 2025 اسلام آباد ہائیکورٹ میں چیلنج کر دیا۔ پی ایف یو جے کے صدر افضل بٹ نے عمران شفیق ایڈووکیٹ کے ذریعے اسلام آباد ہائی کورٹ میں درخواست دائر کی جس میں موقف اپنایا گیا ہے کہ پیکا ترمیمی ایکٹ غیر آئینی و غیر قانونی ہے اور آزادی صحافت پر حملہ ہے۔ عدالت میں دائر درخواست میں کہا گیا ہے کہ پیکا قانون آزادی اظہار پر قدغن، حکومتی کنٹرول میں اضافہ ہے، عدالت سے استدعا ہے کہ آزادی صحافت کے خلاف قانون پی ای سی اے 2025 معطل کیا جائے۔
58	بقیہ جات	بقیہ
قومی غذائی تحفظ اور زراعت کی وزارتوں کے سینئر حکام نے زراعت اور لائیو اسٹاک کے شعبوں میں مستقبل کے تعاون کیلئے ایک ایکشن پلان وضع کرنے کیلئے میٹنگ کی۔ پاکستان نے ترکیہ کو ملک میں 22 کروڑ جانوروں کو اجاگر کرتے ہوئے مویشیوں کی ویکسینیشن میں سرمایہ کاری کرنے کی دعوت دی ہے جبکہ ترکیہ نے پاکستان کی زرعی پیداوار بڑھانے کیلئے اپنے مکمل تعاون کی یقین دہانی کرائی ہے۔ رپورٹ کے مطابق ترک صدر طیب اردوان کا 12 فروری کو پاکستان کا
59	بقیہ جات	بقیہ
ممبر پارلیمنٹ اینڈریو پیکس ایم پی نے کی اور خطبہ استقبالیہ راجہ سکندر خان نے دیا جہاں انہوں نے تمام برطانوی پارلیمنٹرینز کے ساتھ ساتھ تمام شعبہ ہائے زندگی سے تعلق رکھنے والے شرکاء کو خوش آمدید کہا جنہوں نے برطانیہ بھر سے سفر کیا، خاص طور پر برمنگھم، آکسفورڈ، لوٹن، واٹفورڈ، ریڈنگ، سلوو کے ساتھ ساتھ مشرق اور مغرب لندن کے کئی حصوں سے۔ یوم یکجہتی کے یاد کے دن کی اہمیت اور سات دہائیوں سے کشمیری عوام نے بھارتی ریاستوں کی سرپرستی میں انسانی حقوق کی خلاف ورزیوں، مظالم، ماورائے عدالت قتل اور جبری گمشدگیوں کو برداشت کیا اور غیر قانونی، غیر اخلاقی اور غیر منصفانہ بھارتی قبضے کو اجاگر کیا۔ افضل خان ایم پی، ایوب خان ایم پی، عدنان حسین ایم پی، پال واگ ایم پی، تمن جیت سنگھ ڈھیسی ایم پی اور ایمارینا للز ایم پی نے کشمیری عوام کے ساتھ
60	بقیہ جات	بقیہ
ایڈووکیٹ، اور ڈپٹی سیکرٹری اطلاعات قاری منظور الحسن چترالی نے اپنے مشترکہ بیان میں کہا ہے کہ ٹرمپ کا غزہ پر قبضے کا خواب کبھی پورا نہیں ہوگا، فلسطینی عوام نے جرات اور بہادری سے اسرائیل کو شکست دی امریکہ کو بھی ذلت کے سوا کچھ نہیں ملے گا، ٹرمپ کا بیان نہ صرف بے رحم بلکہ فلسطینی عوام کی زندگیوں اور حقوق کی کھلم کھلا خلاف ورزی بھی ہے، امریکہ کو افغانستان میں اپنی عبرتناک شکست کو یاد رکھنا چاہیے جہاں انہیں ذلت آمیز شکست ہوئی تھی۔ ٹرمپ کے ناپاک عزائم کو خاک میں ملانے کیلئے تمام اسلامی ممالک متحد ہو جائیں۔ انہوں نے کہا کہ ہم ایسے بیانات پر خاموش نہیں رہ سکتے جو پہلے ہی ناقابل تصور مشکلات کا سامنا کرنے والی کمیونٹی کو حاشیے پر ڈالنے اور اس پر ظلم کرنے کی کوشش کرتے ہیں۔ فلسطین کے اپنے بھائیوں اور بہنوں کی حمایت کرنا ہمارا فرض ہے۔ پاکستان کے
61	بقیہ جات	بقیہ
کی طرف سے کہا گیا کہ پاکستان میں رہائش پذیر افغانیوں کو حکم دیا گیا کہ وہ اسلام آباد اور راولپنڈی سے فوری طور پر نکل جائیں۔ یو این ایجنسیز کے نزدیک یہ انسانی حقوق کے حوالے سے درست نہیں ہے۔ جبکہ پاکستان جسے بدامنی اور دہشت گردی کا چیلنج درپیش ہے وہ اپنی سلامتی کے لیے اقدامات کے تحت ایسا کرنا ضروری سمجھتا ہے۔ اقوام متحدہ کے ادارے یو این سی ایچ آر کے مطابق ماہ جنوری سے اب تک پاکستان نے اسلام آباد اور راولپنڈی سے 800 افغان شہریوں کو
62	بقیہ جات	بقیہ
لنان کیلئے خطرناک ہو سکتا ہے لیکن ہمیں افسوس ہے کہ Pakistan Bureau of Statistics میں تین سال سے پروموشنز کا سلسلہ بند پڑا ہوا ہے جس کے ذمہ دار صرف اور صرف سرور گوندل ہیں جو ممبر آئی ٹی و ریسورس مینجمنٹ ایڈمن ہیں ان کی وجہ سے تین
63	بقیہ جات	بقیہ
مقصد نئی نسل کو کشمیری عوام کی قربانیوں اور کشمیر پر جاری ظلم و ستم کے متعلق آگاہ کرنا بھی ہے
بعدالت جناب میڈم حناء رشید
صاحبہ سول جج گوجرانوالہ
عنوان، محمد فاروق بنام لیاقت علی وغیرہ۔ دعویٰ استقرار حق وغیرہ۔ اخبار اشتہار بنام لیاقت علی، حاجی رحمت علی پسران محمد صادق، عمر فاروق ولد محمد فاروق، نثار احمد، مختار احمد پسران غلام محمد ۔۔۔ پاک گلف راس ٹو تحصیل و ضلع گوجرانوالہ، ذکی فاروق، اسد فاروق پسران عذرا اکرام اقوام ککے زئی، محمد طاہر اکرام ولد محمد اکرام اللہ خاں، عذرا اکرم دختر محمد اکرم اللہ خاں ذات ککے زئی، شہریار طاہر ولد محمد طاہر اکرام ذات ککے زئی ساکنان فیز 1 ڈیفنس ہاؤسنگ اتھارٹی مکان نمبر k/2-29 گلی نمبر 75 لاہور، محمد سلیم ولد محمد شفیع ذات کشمیری ساکن موضع کیرانوالی تحصیل و ضلع گوجرانوالہ، مختار احمد ولد غلام علی ذات ڈوگر، فہد شکیل ولد زاہد شکیل ذات شیخ ساکنان موضع پورن پور تحصیل و ضلع گوجرانوالہ، شیخ نوید زاہد ولد شیخ محمد اسلم ذات شیخ ساکن ماڈل ٹاؤن گوجرانوالہ، احمد شاہد، عدنان شاہد، ارسلان شاہد
مہر عدالت
دستخط حاکم
بعدالت جناب شاہین نور صاحبہ
سول جج / جج فیملی کورٹ
کواپریٹو بلڈنگ ایوان عدل لاہور۔
دعویٰ تنسیخ نکاح۔
رمشاء ریاض وغیرہ بنام محمد سرفراز ولد اللہ بخش سکنہ گوہاوہ ڈاکخانہ بھٹہ چوک لاہور کینٹ ضلع لاہور۔ ہرگاہ مقدمہ عنوان بالا میں مدعا علیہ تعمیل سمن سے گریزاں ہے ان کی تعمیل آسان طریقہ سے ہونا مشکل ہے لہذا بذریعہ اخبار اشتہار مدعا علیہ کو مطلع کیا جاتا ہے کہ آپ بتقرر 8-2-2025 بوقت 8 بجے صبح اصالتاً یا وکالتاً حاضر عدالت ہوں۔ بصورت دیگر کارروائی حسب ضابطہ عمل میں لائی جائے گی بعد میں کوئی عذر قابل قبول نہ ہوگا۔
مہر عدالت
900
دستخط حاکم
